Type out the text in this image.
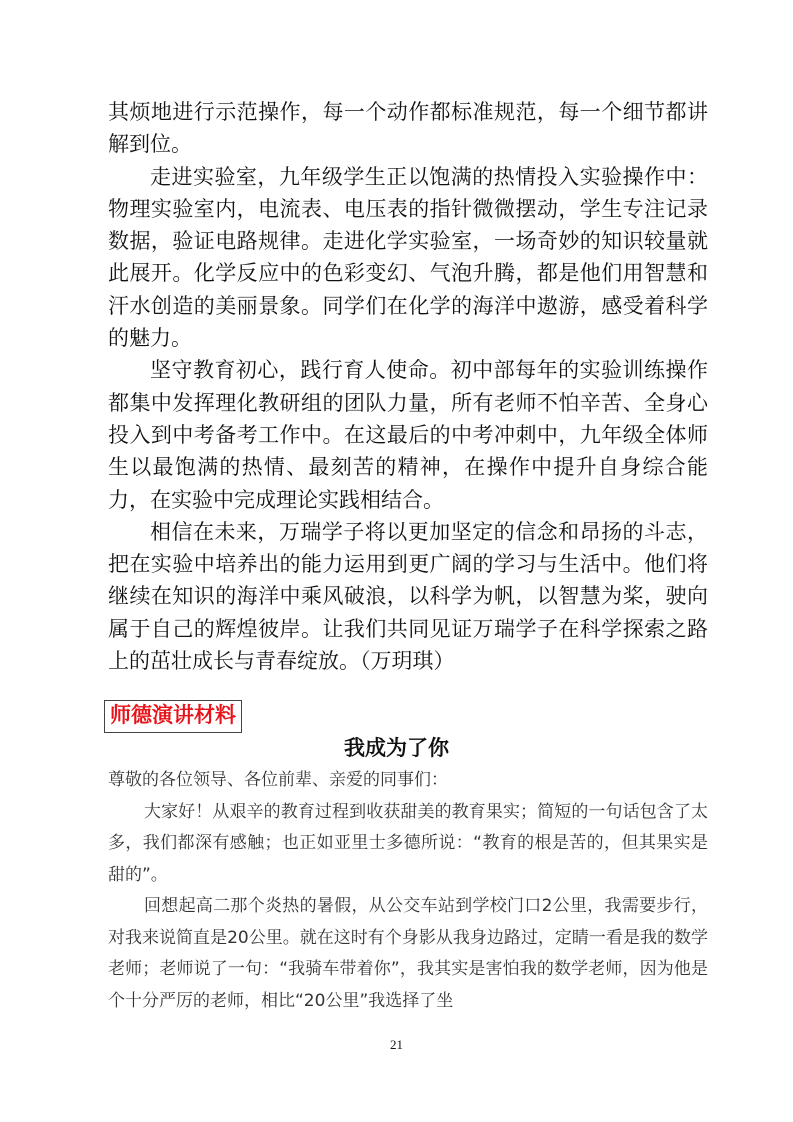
其烦地进行示范操作，每一个动作都标准规范，每一个细节都讲解到位。

走进实验室，九年级学生正以饱满的热情投入实验操作中：物理实验室内，电流表、电压表的指针微微摆动，学生专注记录数据，验证电路规律。走进化学实验室，一场奇妙的知识较量就此展开。化学反应中的色彩变幻、气泡升腾，都是他们用智慧和汗水创造的美丽景象。同学们在化学的海洋中遨游，感受着科学的魅力。

坚守教育初心，践行育人使命。初中部每年的实验训练操作都集中发挥理化教研组的团队力量，所有老师不怕辛苦、全身心投入到中考备考工作中。在这最后的中考冲刺中，九年级全体师生以最饱满的热情、最刻苦的精神，在操作中提升自身综合能力，在实验中完成理论实践相结合。

相信在未来，万瑞学子将以更加坚定的信念和昂扬的斗志，把在实验中培养出的能力运用到更广阔的学习与生活中。他们将继续在知识的海洋中乘风破浪，以科学为帆，以智慧为桨，驶向属于自己的辉煌彼岸。让我们共同见证万瑞学子在科学探索之路上的茁壮成长与青春绽放。（万玥琪）

师德演讲材料
我成为了你

尊敬的各位领导、各位前辈、亲爱的同事们：

大家好！从艰辛的教育过程到收获甜美的教育果实；简短的一句话包含了太多，我们都深有感触；也正如亚里士多德所说：“教育的根是苦的，但其果实是甜的”。

回想起高二那个炎热的暑假，从公交车站到学校门口2公里，我需要步行，对我来说简直是20公里。就在这时有个身影从我身边路过，定睛一看是我的数学老师；老师说了一句：“我骑车带着你”，我其实是害怕我的数学老师，因为他是个十分严厉的老师，相比“20公里”我选择了坐

21
